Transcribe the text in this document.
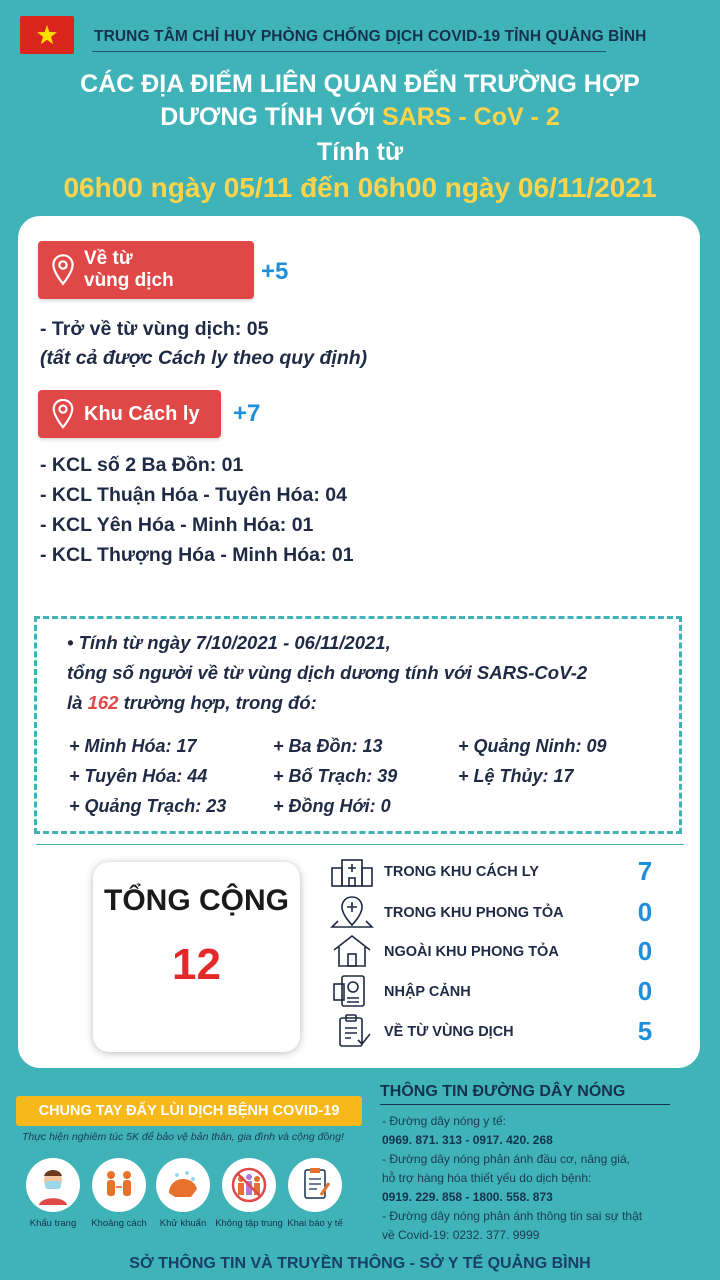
TRUNG TÂM CHỈ HUY PHÒNG CHỐNG DỊCH COVID-19 TỈNH QUẢNG BÌNH
CÁC ĐỊA ĐIỂM LIÊN QUAN ĐẾN TRƯỜNG HỢP
DƯƠNG TÍNH VỚI SARS - CoV - 2
Tính từ
06h00 ngày 05/11 đến 06h00 ngày 06/11/2021
Về từ
vùng dịch	+5
- Trở về từ vùng dịch: 05
(tất cả được Cách ly theo quy định)
Khu Cách ly +7
- KCL số 2 Ba Đồn: 01
- KCL Thuận Hóa - Tuyên Hóa: 04
- KCL Yên Hóa - Minh Hóa: 01
- KCL Thượng Hóa - Minh Hóa: 01
• Tính từ ngày 7/10/2021 - 06/11/2021,
tổng số người về từ vùng dịch dương tính với SARS-CoV-2
là 162 trường hợp, trong đó:
+ Minh Hóa: 17	+ Ba Đồn: 13	+ Quảng Ninh: 09
+ Tuyên Hóa: 44	+ Bố Trạch: 39	+ Lệ Thủy: 17
+ Quảng Trạch: 23	+ Đồng Hới: 0
TỔNG CỘNG
12
TRONG KHU CÁCH LY	7
TRONG KHU PHONG TỎA	0
NGOÀI KHU PHONG TỎA	0
NHẬP CẢNH	0
VỀ TỪ VÙNG DỊCH	5
CHUNG TAY ĐẨY LÙI DỊCH BỆNH COVID-19
Thực hiện nghiêm túc 5K để bảo vệ bản thân, gia đình và cộng đồng!
Khẩu trang	Khoảng cách	Khử khuẩn Không tập trung Khai báo y tế
THÔNG TIN ĐƯỜNG DÂY NÓNG
- Đường dây nóng y tế:
0969. 871. 313 - 0917. 420. 268
- Đường dây nóng phản ánh đầu cơ, nâng giá,
hỗ trợ hàng hóa thiết yếu do dịch bệnh:
0919. 229. 858 - 1800. 558. 873
- Đường dây nóng phản ánh thông tin sai sự thật
về Covid-19: 0232. 377. 9999
SỞ THÔNG TIN VÀ TRUYỀN THÔNG - SỞ Y TẾ QUẢNG BÌNH
